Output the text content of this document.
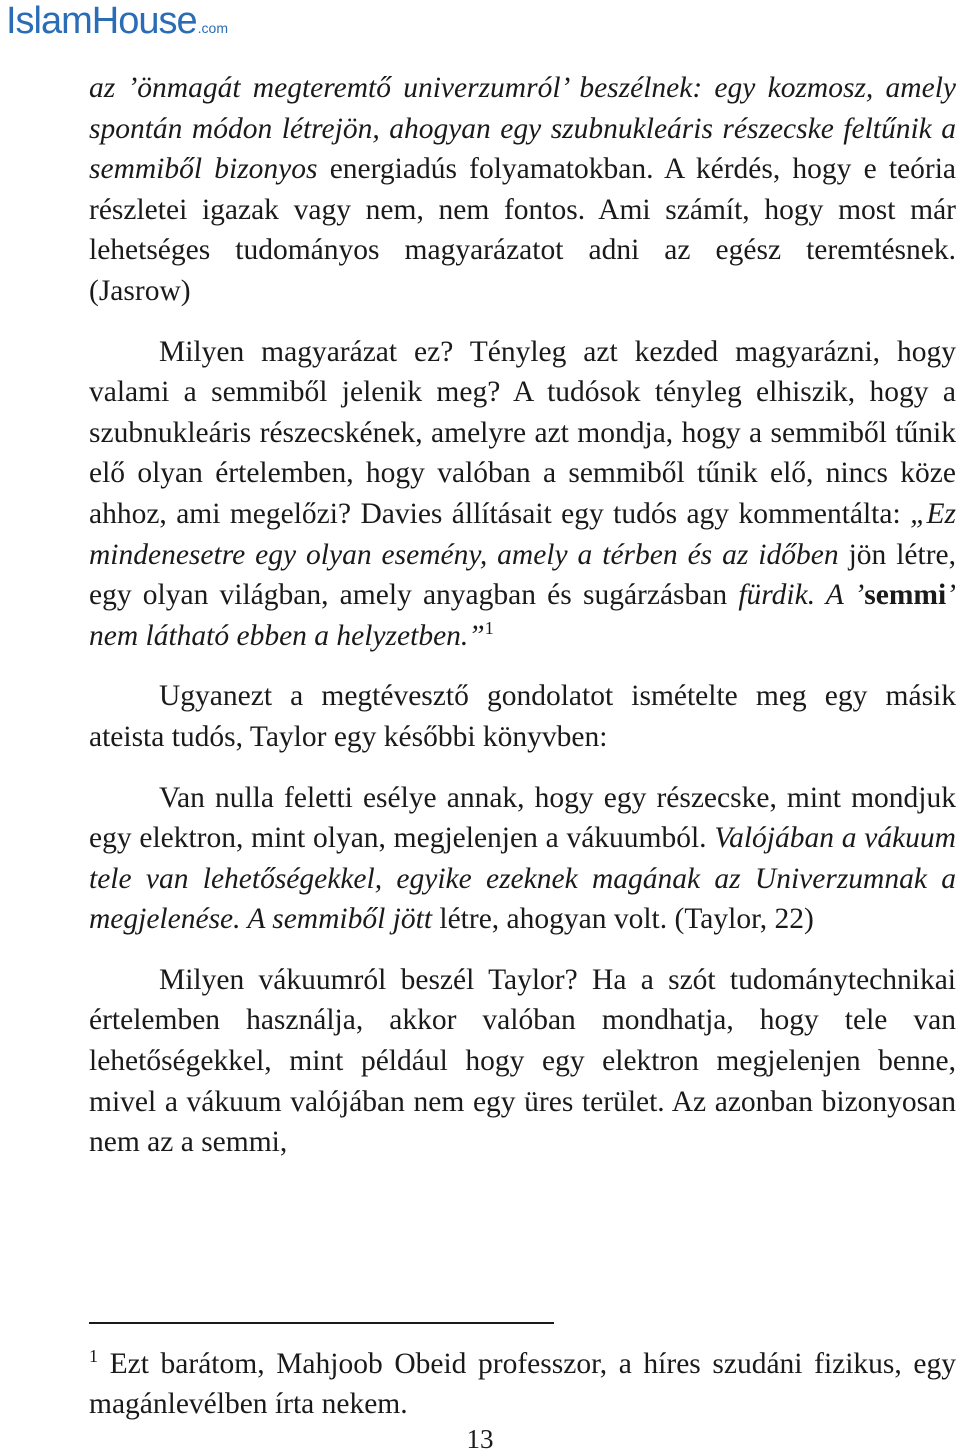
IslamHouse.com

az ’önmagát megteremtő univerzumról’ beszélnek: egy kozmosz, amely spontán módon létrejön, ahogyan egy szubnukleáris részecske feltűnik a semmiből bizonyos energiadús folyamatokban. A kérdés, hogy e teória részletei igazak vagy nem, nem fontos. Ami számít, hogy most már lehetséges tudományos magyarázatot adni az egész teremtésnek. (Jasrow)

Milyen magyarázat ez? Tényleg azt kezded magyarázni, hogy valami a semmiből jelenik meg? A tudósok tényleg elhiszik, hogy a szubnukleáris részecskének, amelyre azt mondja, hogy a semmiből tűnik elő olyan értelemben, hogy valóban a semmiből tűnik elő, nincs köze ahhoz, ami megelőzi? Davies állításait egy tudós agy kommentálta: „Ez mindenesetre egy olyan esemény, amely a térben és az időben jön létre, egy olyan világban, amely anyagban és sugárzásban fürdik. A ’semmi’ nem látható ebben a helyzetben.”$^1$

Ugyanezt a megtévesztő gondolatot ismételte meg egy másik ateista tudós, Taylor egy későbbi könyvben:

Van nulla feletti esélye annak, hogy egy részecske, mint mondjuk egy elektron, mint olyan, megjelenjen a vákuumból. Valójában a vákuum tele van lehetőségekkel, egyike ezeknek magának az Univerzumnak a megjelenése. A semmiből jött létre, ahogyan volt. (Taylor, 22)

Milyen vákuumról beszél Taylor? Ha a szót tudománytechnikai értelemben használja, akkor valóban mondhatja, hogy tele van lehetőségekkel, mint például hogy egy elektron megjelenjen benne, mivel a vákuum valójában nem egy üres terület. Az azonban bizonyosan nem az a semmi,

$^1$ Ezt barátom, Mahjoob Obeid professzor, a híres szudáni fizikus, egy magánlevélben írta nekem.
13
